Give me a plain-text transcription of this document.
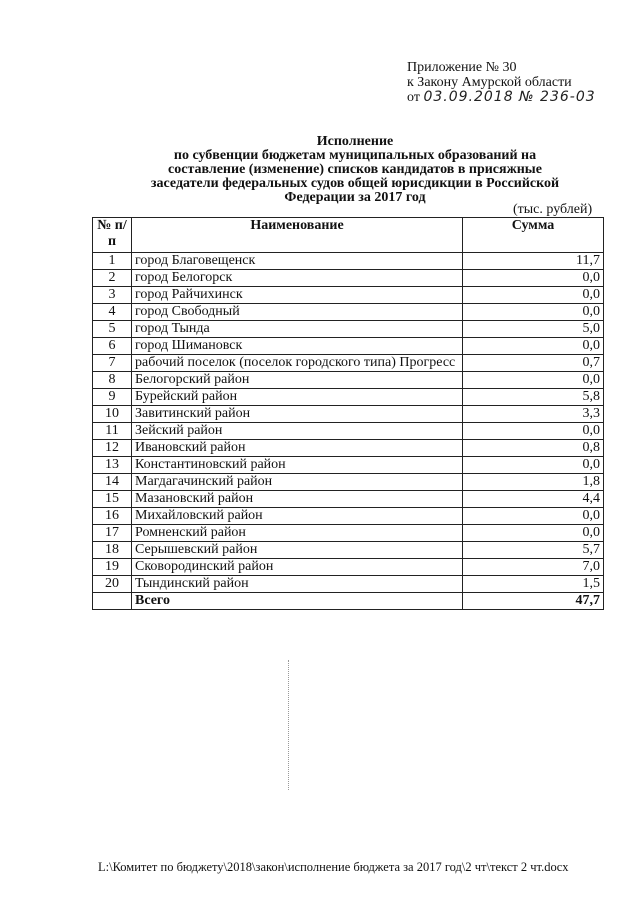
Приложение № 30
к Закону Амурской области
от 03.09.2018 № 236-03
Исполнение
по субвенции бюджетам муниципальных образований на
составление (изменение) списков кандидатов в присяжные
заседатели федеральных судов общей юрисдикции в Российской
Федерации за 2017 год
(тыс. рублей)
№ п/п	Наименование	Сумма
1	город Благовещенск	11,7
2	город Белогорск	0,0
3	город Райчихинск	0,0
4	город Свободный	0,0
5	город Тында	5,0
6	город Шимановск	0,0
7	рабочий поселок (поселок городского типа) Прогресс	0,7
8	Белогорский район	0,0
9	Бурейский район	5,8
10	Завитинский район	3,3
11	Зейский район	0,0
12	Ивановский район	0,8
13	Константиновский район	0,0
14	Магдагачинский район	1,8
15	Мазановский район	4,4
16	Михайловский район	0,0
17	Ромненский район	0,0
18	Серышевский район	5,7
19	Сковородинский район	7,0
20	Тындинский район	1,5
	Всего	47,7
L:\Комитет по бюджету\2018\закон\исполнение бюджета за 2017 год\2 чт\текст 2 чт.docx
